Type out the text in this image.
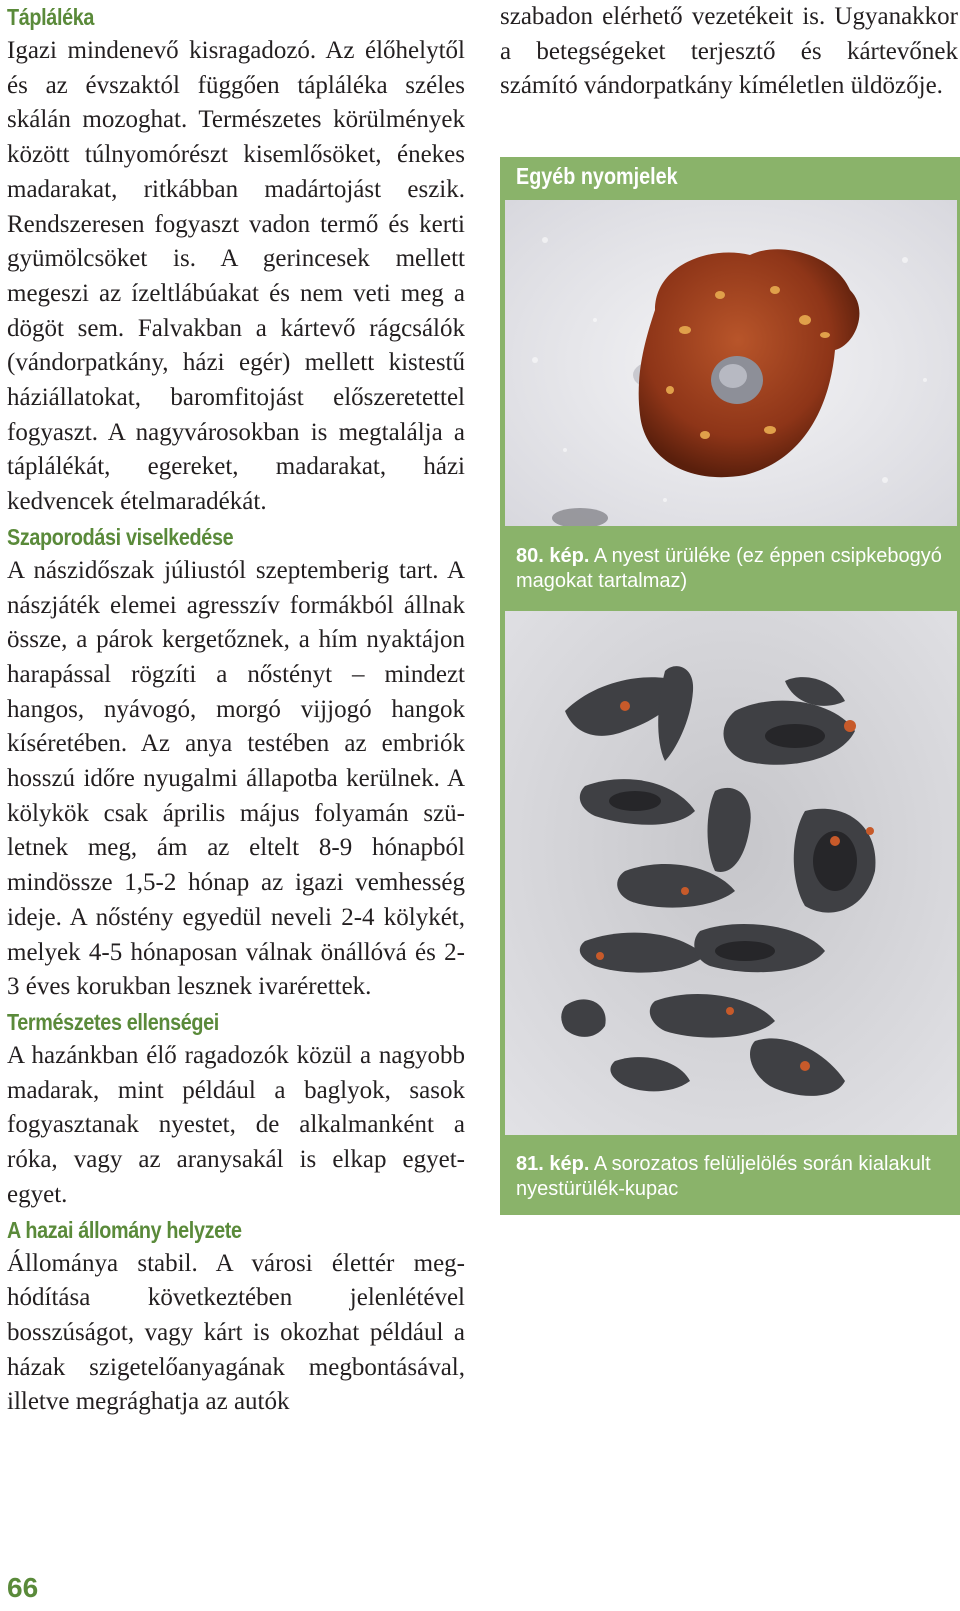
Tápláléka

Igazi mindenevő kisragadozó. Az élőhelytől és az évszaktól függően tápláléka széles skálán mozoghat. Természetes körülmények között túlnyomórészt kisemlősöket, énekes madarakat, ritkábban madártojást eszik. Rendszeresen fogyaszt vadon termő és kerti gyümölcsöket is. A gerincesek mellett megeszi az ízeltlábúakat és nem veti meg a dögöt sem. Falvakban a kártevő rágcsálók (vándorpatkány, házi egér) mellett kistestű háziállatokat, baromfitojást előszeretettel fogyaszt. A nagyvárosokban is megtalálja a táplálékát, egereket, madarakat, házi kedvencek ételmaradékát.

Szaporodási viselkedése

A nászidőszak júliustól szeptemberig tart. A nászjáték elemei agresszív formákból állnak össze, a párok kergetőznek, a hím nyaktájon harapással rögzíti a nőstényt – mindezt hangos, nyávogó, morgó vijjogó hangok kíséretében. Az anya testében az embriók hosszú időre nyugalmi állapotba kerülnek. A kölykök csak április május folyamán születnek meg, ám az eltelt 8-9 hónapból mindössze 1,5-2 hónap az igazi vemhesség ideje. A nőstény egyedül neveli 2-4 kölykét, melyek 4-5 hónaposan válnak önállóvá és 2-3 éves korukban lesznek ivarérettek.

Természetes ellenségei

A hazánkban élő ragadozók közül a nagyobb madarak, mint például a baglyok, sasok fogyasztanak nyestet, de alkalmanként a róka, vagy az aranysakál is elkap egyet-egyet.

A hazai állomány helyzete

Állománya stabil. A városi élettér meghódítása következtében jelenlétével bosszúságot, vagy kárt is okozhat például a házak szigetelőanyagának megbontásával, illetve megrághatja az autók

szabadon elérhető vezetékeit is. Ugyanakkor a betegségeket terjesztő és kártevőnek számító vándorpatkány kíméletlen üldözője.

Egyéb nyomjelek
80. kép. A nyest ürüléke (ez éppen csipkebogyó magokat tartalmaz)
81. kép. A sorozatos felüljelölés során kialakult nyestürülék-kupac
66
